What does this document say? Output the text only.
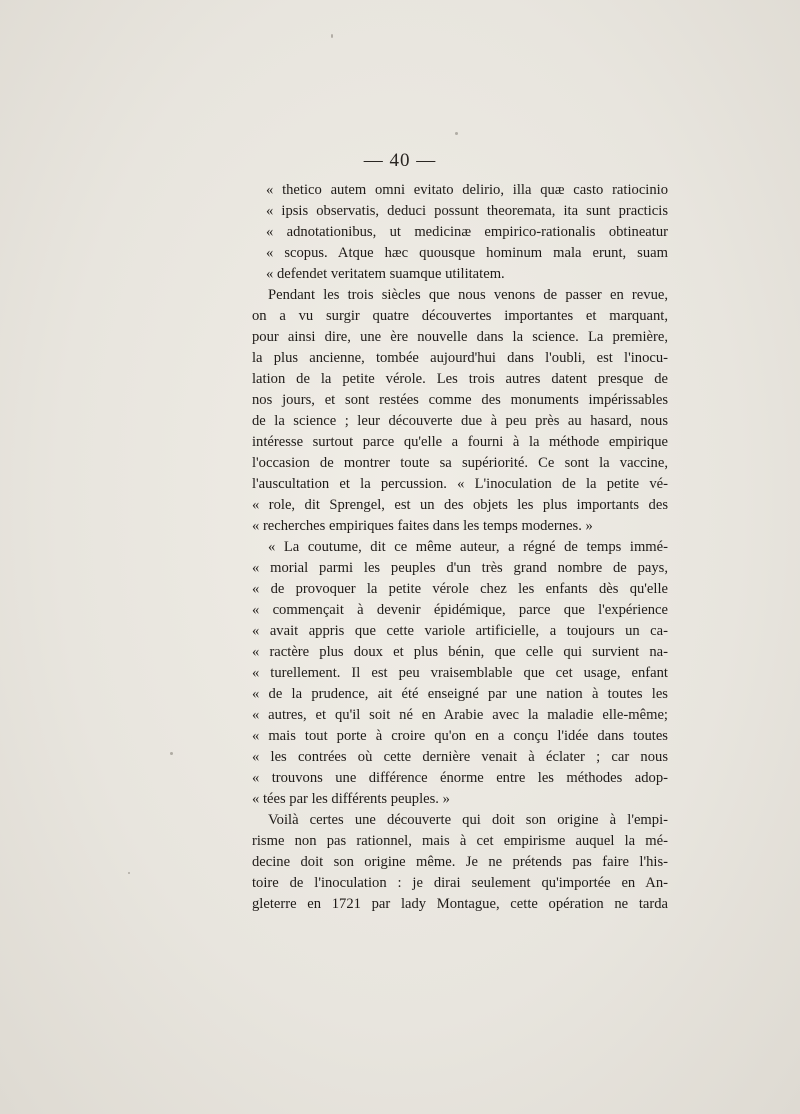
— 40 —
« thetico autem omni evitato delirio, illa quæ casto ratiocinio
« ipsis observatis, deduci possunt theoremata, ita sunt practicis
« adnotationibus, ut medicinæ empirico-rationalis obtineatur
« scopus. Atque hæc quousque hominum mala erunt, suam
« defendet veritatem suamque utilitatem.
Pendant les trois siècles que nous venons de passer en revue,
on a vu surgir quatre découvertes importantes et marquant,
pour ainsi dire, une ère nouvelle dans la science. La première,
la plus ancienne, tombée aujourd'hui dans l'oubli, est l'inocu-
lation de la petite vérole. Les trois autres datent presque de
nos jours, et sont restées comme des monuments impérissables
de la science ; leur découverte due à peu près au hasard, nous
intéresse surtout parce qu'elle a fourni à la méthode empirique
l'occasion de montrer toute sa supériorité. Ce sont la vaccine,
l'auscultation et la percussion. « L'inoculation de la petite vé-
« role, dit Sprengel, est un des objets les plus importants des
« recherches empiriques faites dans les temps modernes. »
« La coutume, dit ce même auteur, a régné de temps immé-
« morial parmi les peuples d'un très grand nombre de pays,
« de provoquer la petite vérole chez les enfants dès qu'elle
« commençait à devenir épidémique, parce que l'expérience
« avait appris que cette variole artificielle, a toujours un ca-
« ractère plus doux et plus bénin, que celle qui survient na-
« turellement. Il est peu vraisemblable que cet usage, enfant
« de la prudence, ait été enseigné par une nation à toutes les
« autres, et qu'il soit né en Arabie avec la maladie elle-même;
« mais tout porte à croire qu'on en a conçu l'idée dans toutes
« les contrées où cette dernière venait à éclater ; car nous
« trouvons une différence énorme entre les méthodes adop-
« tées par les différents peuples. »
Voilà certes une découverte qui doit son origine à l'empi-
risme non pas rationnel, mais à cet empirisme auquel la mé-
decine doit son origine même. Je ne prétends pas faire l'his-
toire de l'inoculation : je dirai seulement qu'importée en An-
gleterre en 1721 par lady Montague, cette opération ne tarda
